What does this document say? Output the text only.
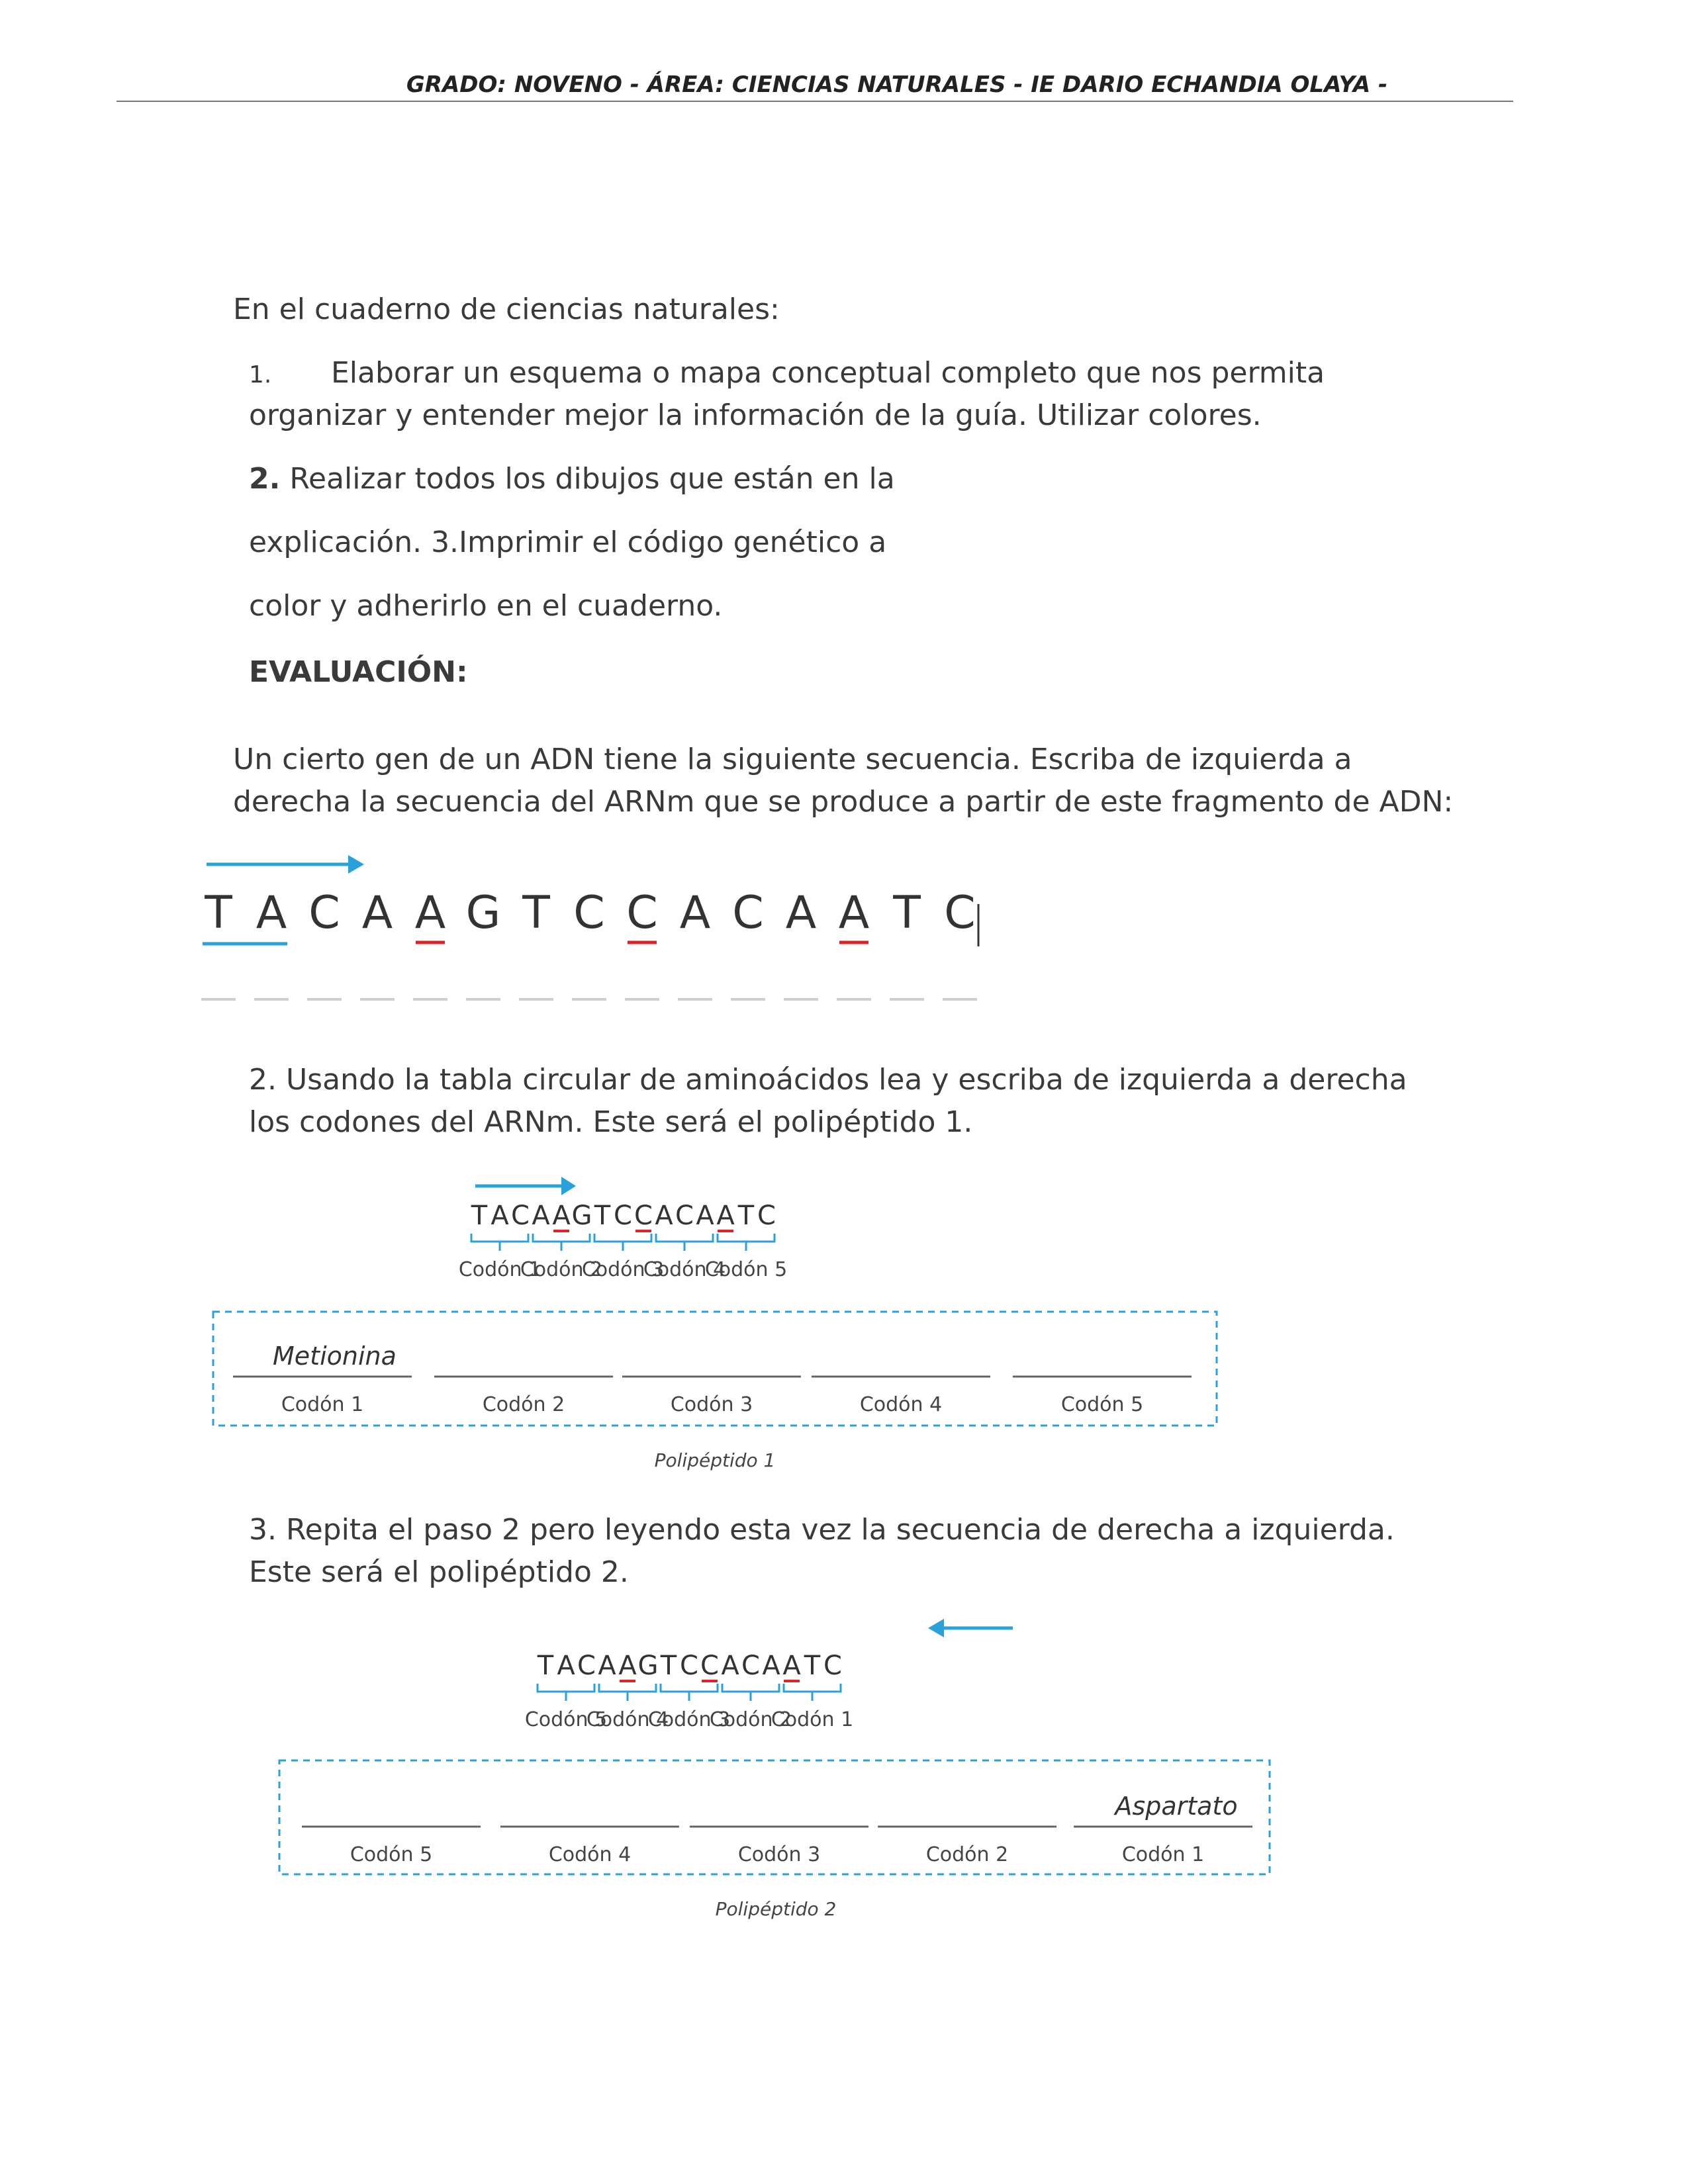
GRADO: NOVENO - ÁREA: CIENCIAS NATURALES - IE DARIO ECHANDIA OLAYA -
En el cuaderno de ciencias naturales:
1. Elaborar un esquema o mapa conceptual completo que nos permita
organizar y entender mejor la información de la guía. Utilizar colores.
2. Realizar todos los dibujos que están en la
explicación. 3.Imprimir el código genético a
color y adherirlo en el cuaderno.
EVALUACIÓN:
Un cierto gen de un ADN tiene la siguiente secuencia. Escriba de izquierda a
derecha la secuencia del ARNm que se produce a partir de este fragmento de ADN:
T A C A A G T C C A C A A T C
2. Usando la tabla circular de aminoácidos lea y escriba de izquierda a derecha
los codones del ARNm. Este será el polipéptido 1.
T A C A A G T C C A C A A T C
Codón 1
Codón 2
Codón 3
Codón 4
Codón 5
Codón 1
Metionina
Codón 2	Codón 3	Codón 4	Codón 5
Polipéptido 1
3. Repita el paso 2 pero leyendo esta vez la secuencia de derecha a izquierda.
Este será el polipéptido 2.
T A C A A G T C C A C A A T C
Codón 5
Codón 4
Codón 3
Codón 2
Codón 1
Codón 5	Codón 4	Codón 3	Codón 2	Codón 1
Aspartato
Polipéptido 2
